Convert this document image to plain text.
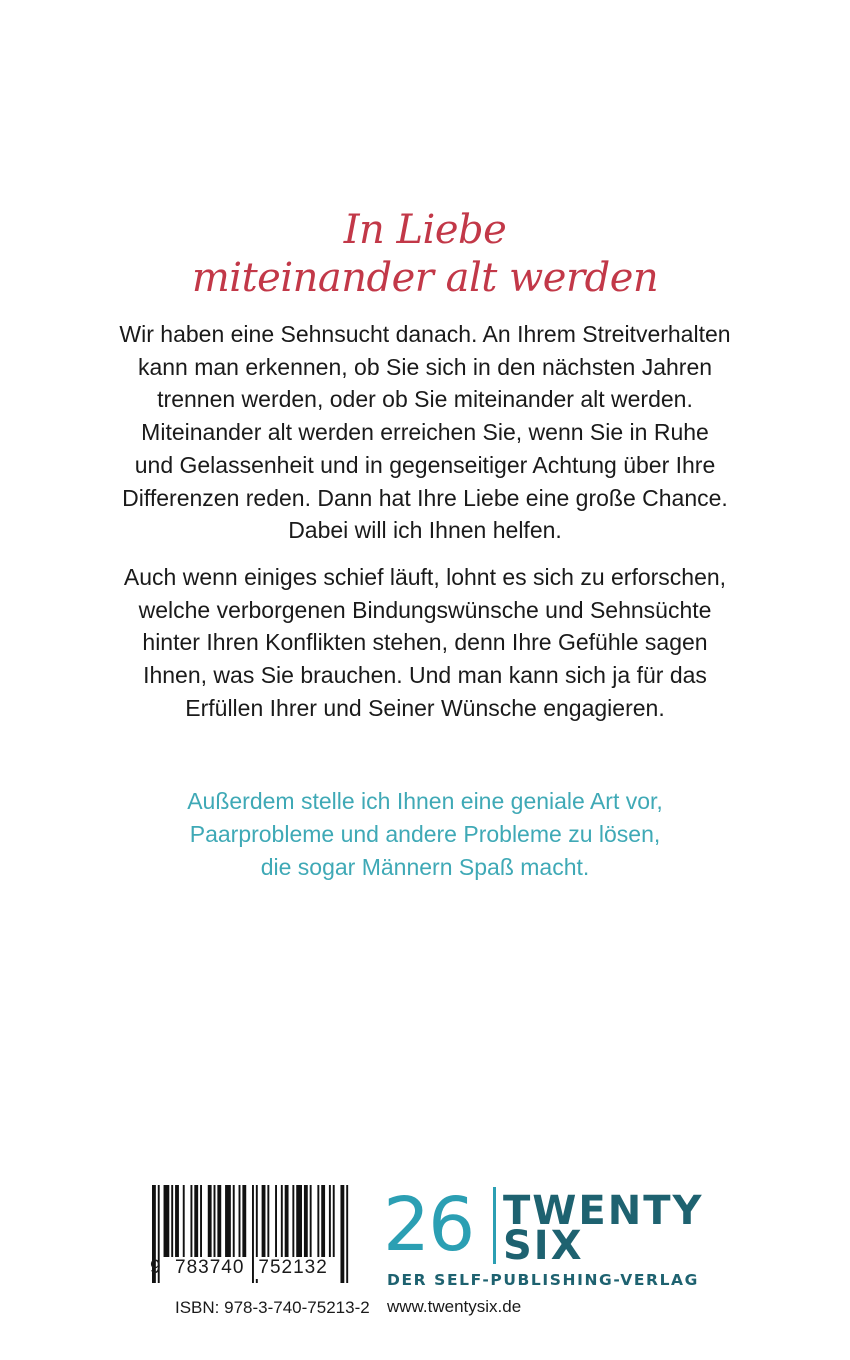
In Liebe
miteinander alt werden
Wir haben eine Sehnsucht danach. An Ihrem Streitverhalten
kann man erkennen, ob Sie sich in den nächsten Jahren
trennen werden, oder ob Sie miteinander alt werden.
Miteinander alt werden erreichen Sie, wenn Sie in Ruhe
und Gelassenheit und in gegenseitiger Achtung über Ihre
Differenzen reden. Dann hat Ihre Liebe eine große Chance.
Dabei will ich Ihnen helfen.
Auch wenn einiges schief läuft, lohnt es sich zu erforschen,
welche verborgenen Bindungswünsche und Sehnsüchte
hinter Ihren Konflikten stehen, denn Ihre Gefühle sagen
Ihnen, was Sie brauchen. Und man kann sich ja für das
Erfüllen Ihrer und Seiner Wünsche engagieren.
Außerdem stelle ich Ihnen eine geniale Art vor,
Paarprobleme und andere Probleme zu lösen,
die sogar Männern Spaß macht.
9 783740 752132
ISBN: 978-3-740-75213-2
26 TWENTY
SIX
DER SELF-PUBLISHING-VERLAG
www.twentysix.de
